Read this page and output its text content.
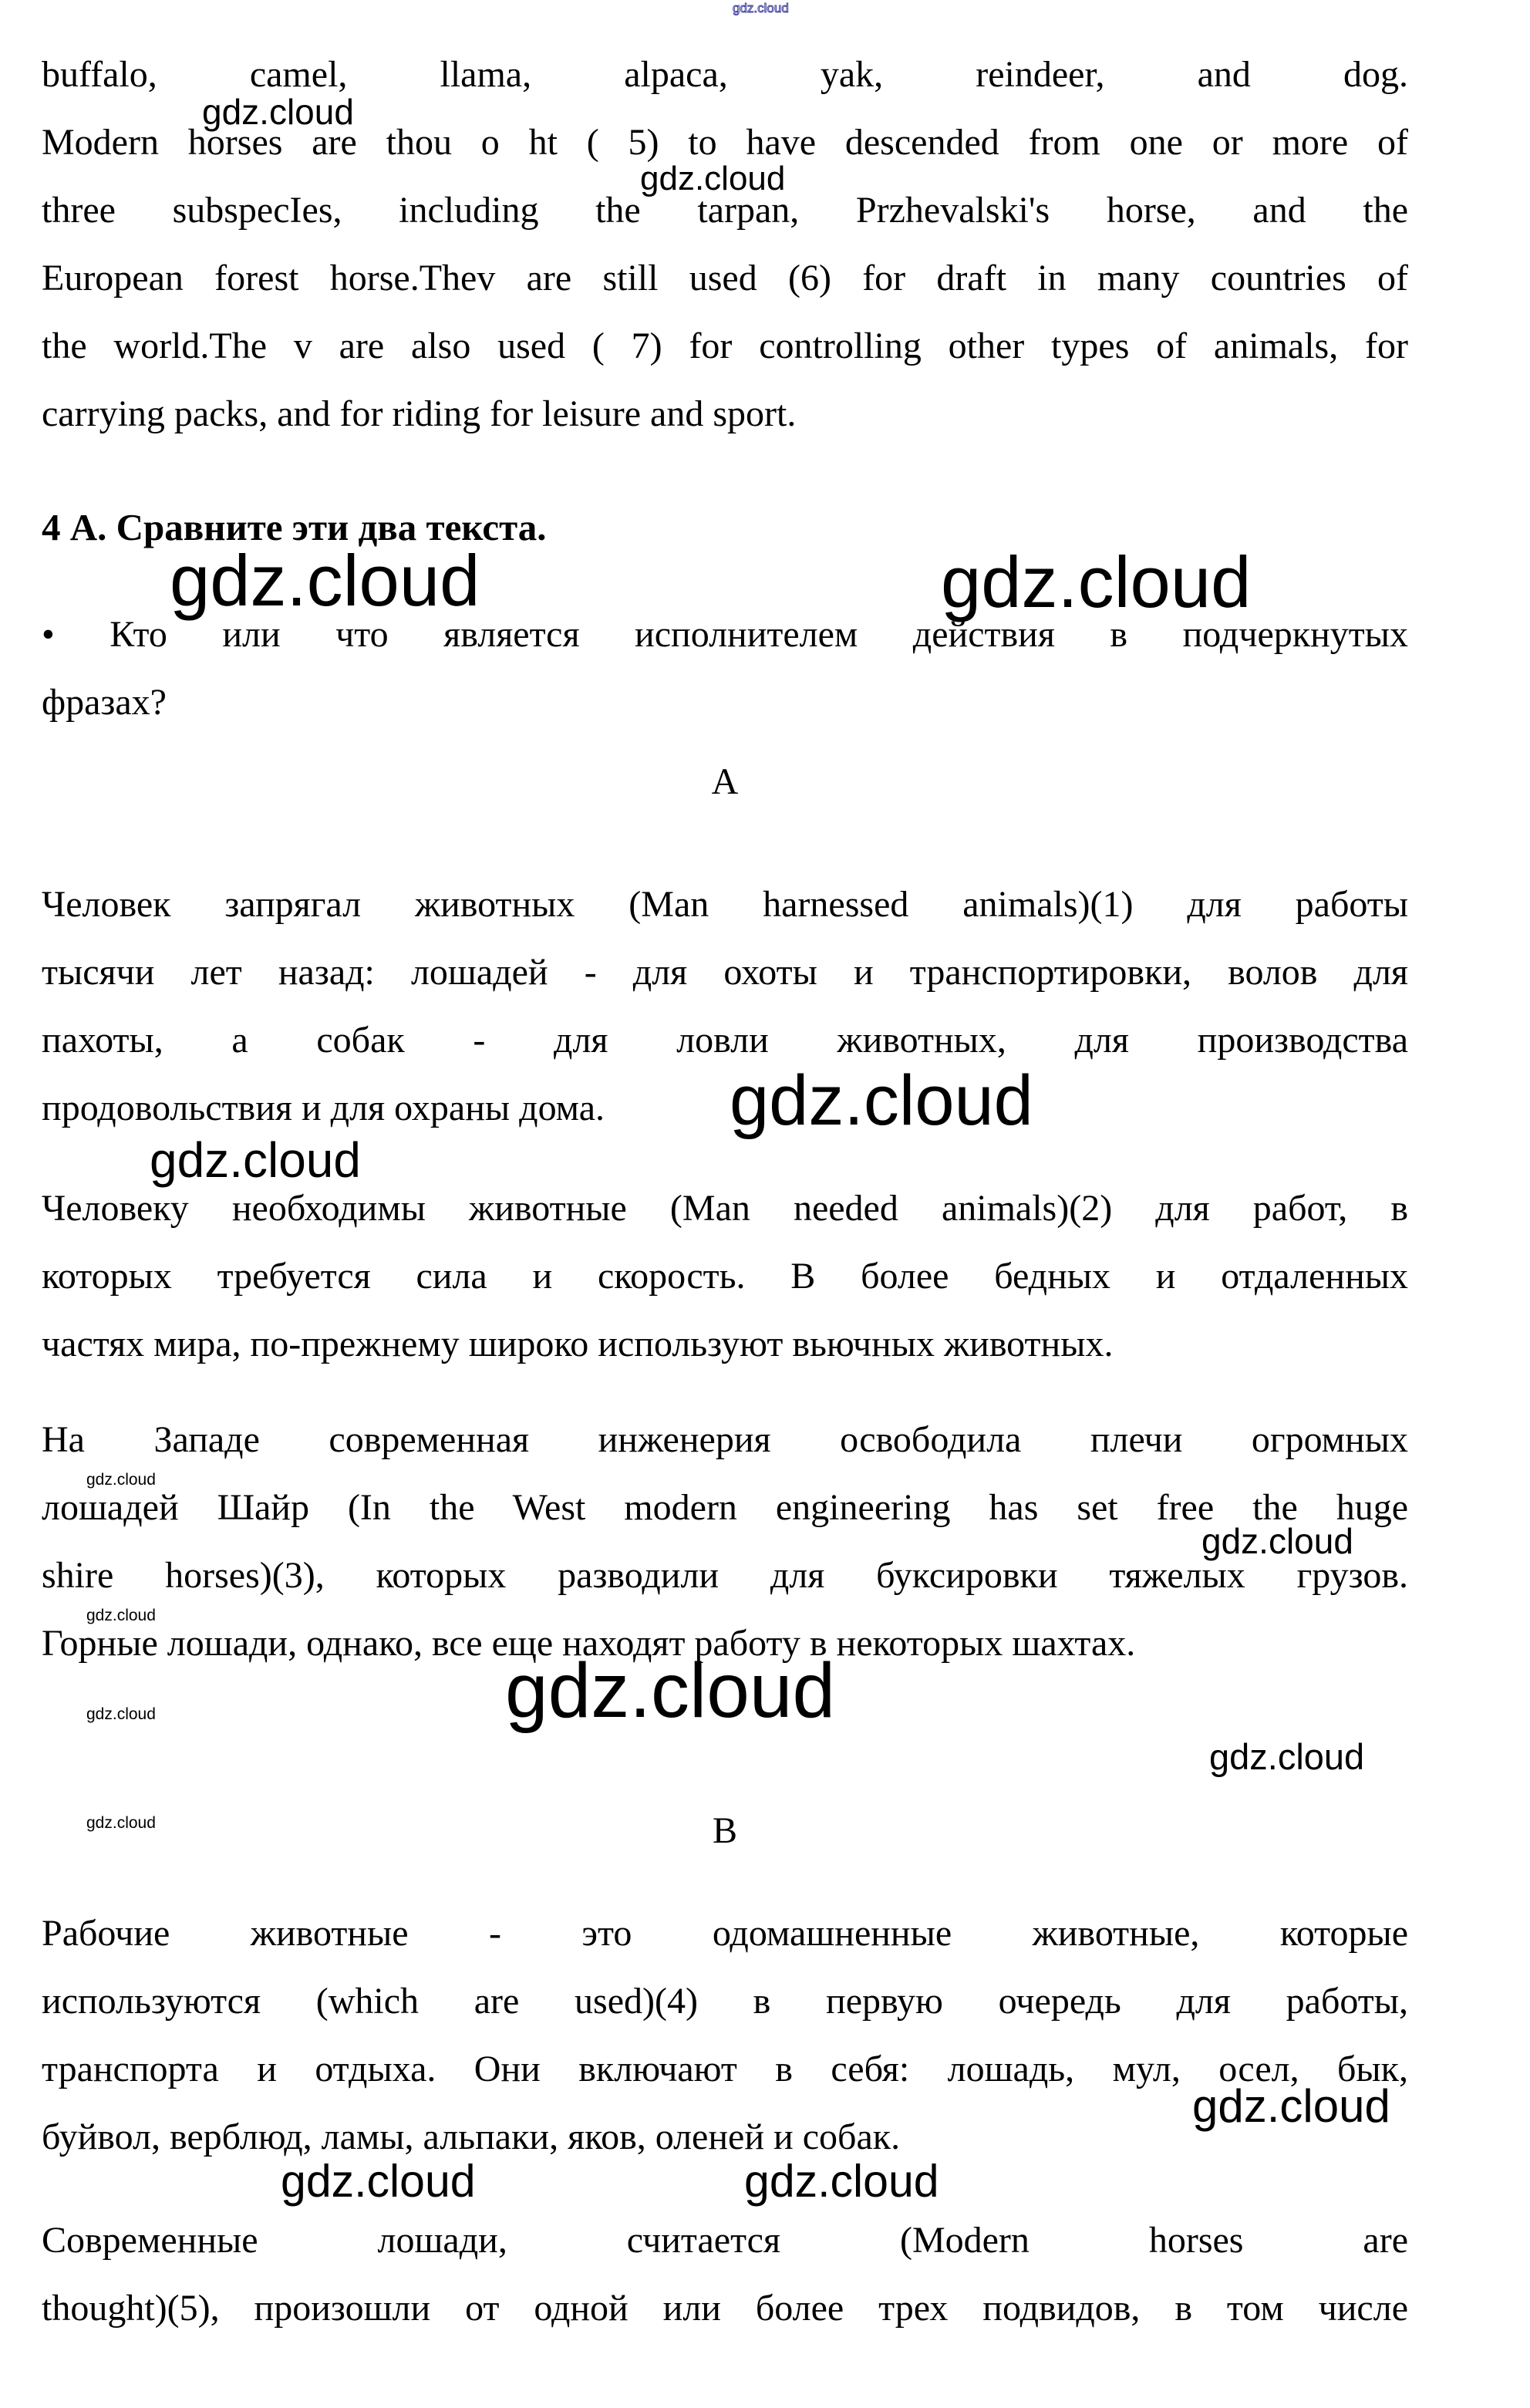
gdz.cloud
buffalo, camel, llama, alpaca, yak, reindeer, and dog.
Modern horses are thou o ht ( 5) to have descended from one or more of
three subspecIes, including the tarpan, Przhevalski's horse, and the
European forest horse.Thev are still used (6) for draft in many countries of
the world.The v are also used ( 7) for controlling other types of animals, for
carrying packs, and for riding for leisure and sport.
gdz.cloud
gdz.cloud
4 А. Сравните эти два текста.
gdz.cloud	gdz.cloud
• Кто или что является исполнителем действия в подчеркнутых
фразах?
А
Человек запрягал животных (Man harnessed animals)(1) для работы
тысячи лет назад: лошадей - для охоты и транспортировки, волов для
пахоты, а собак - для ловли животных, для производства
продовольствия и для охраны дома.	gdz.cloud
gdz.cloud
Человеку необходимы животные (Man needed animals)(2) для работ, в
которых требуется сила и скорость. В более бедных и отдаленных
частях мира, по-прежнему широко используют вьючных животных.
На Западе современная инженерия освободила плечи огромных
лошадей Шайр (In the West modern engineering has set free the huge
shire horses)(3), которых разводили для буксировки тяжелых грузов.
Горные лошади, однако, все еще находят работу в некоторых шахтах.
gdz.cloud
gdz.cloud
gdz.cloud
gdz.cloud
gdz.cloud
gdz.cloud
gdz.cloud
В
Рабочие животные - это одомашненные животные, которые
используются (which are used)(4) в первую очередь для работы,
транспорта и отдыха. Они включают в себя: лошадь, мул, осел, бык,
буйвол, верблюд, ламы, альпаки, яков, оленей и собак.
gdz.cloud
gdz.cloud	gdz.cloud
Современные лошади, считается (Modern horses are
thought)(5), произошли от одной или более трех подвидов, в том числе
